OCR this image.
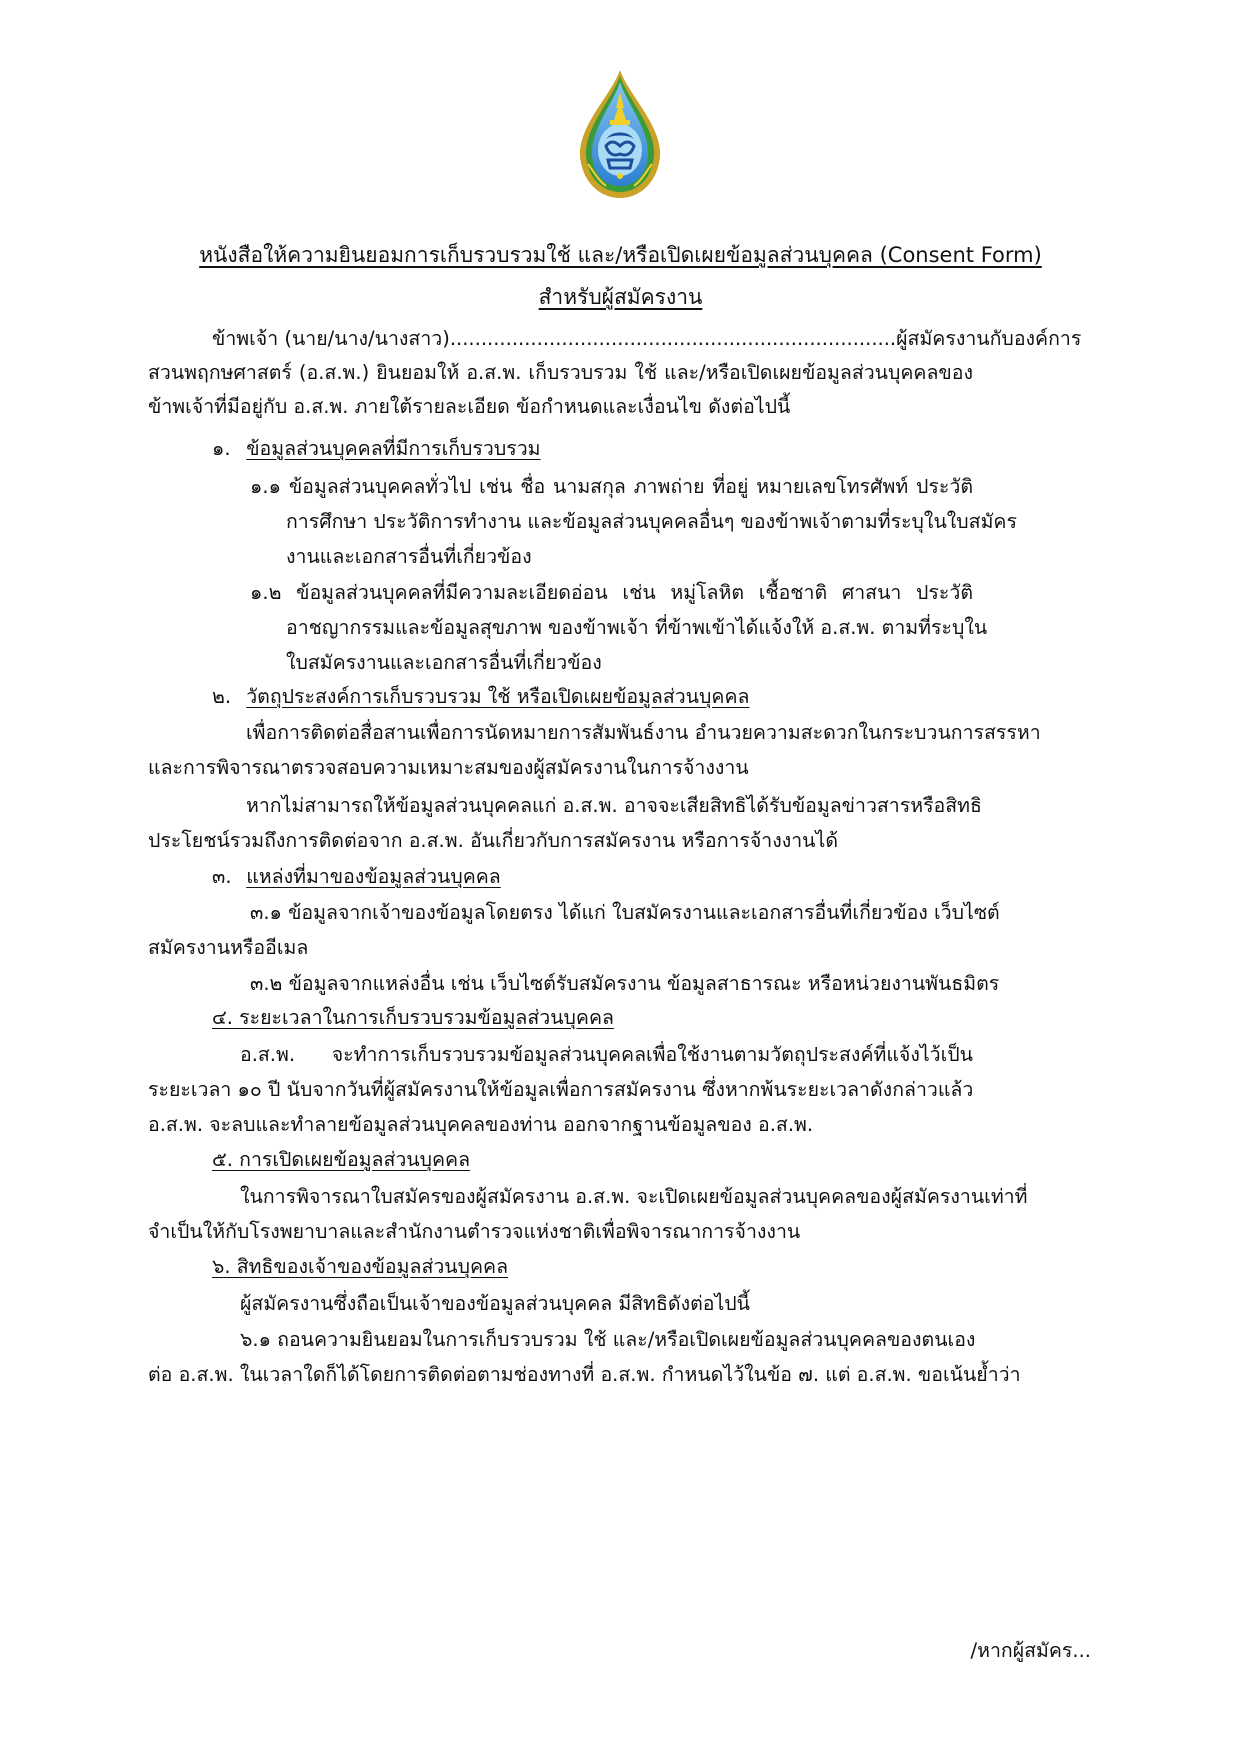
หนังสือให้ความยินยอมการเก็บรวบรวมใช้ และ/หรือเปิดเผยข้อมูลส่วนบุคคล (Consent Form)
สำหรับผู้สมัครงาน
ข้าพเจ้า (นาย/นาง/นางสาว)........................................................................ผู้สมัครงานกับองค์การ
สวนพฤกษศาสตร์ (อ.ส.พ.) ยินยอมให้ อ.ส.พ. เก็บรวบรวม ใช้ และ/หรือเปิดเผยข้อมูลส่วนบุคคลของ
ข้าพเจ้าที่มีอยู่กับ อ.ส.พ. ภายใต้รายละเอียด ข้อกำหนดและเงื่อนไข ดังต่อไปนี้
๑. ข้อมูลส่วนบุคคลที่มีการเก็บรวบรวม
๑.๑ ข้อมูลส่วนบุคคลทั่วไป เช่น ชื่อ นามสกุล ภาพถ่าย ที่อยู่ หมายเลขโทรศัพท์ ประวัติ
การศึกษา ประวัติการทำงาน และข้อมูลส่วนบุคคลอื่นๆ ของข้าพเจ้าตามที่ระบุในใบสมัคร
งานและเอกสารอื่นที่เกี่ยวข้อง
๑.๒ ข้อมูลส่วนบุคคลที่มีความละเอียดอ่อน เช่น หมู่โลหิต เชื้อชาติ ศาสนา ประวัติ
อาชญากรรมและข้อมูลสุขภาพ ของข้าพเจ้า ที่ข้าพเข้าได้แจ้งให้ อ.ส.พ. ตามที่ระบุใน
ใบสมัครงานและเอกสารอื่นที่เกี่ยวข้อง
๒. วัตถุประสงค์การเก็บรวบรวม ใช้ หรือเปิดเผยข้อมูลส่วนบุคคล
เพื่อการติดต่อสื่อสานเพื่อการนัดหมายการสัมพันธ์งาน อำนวยความสะดวกในกระบวนการสรรหา
และการพิจารณาตรวจสอบความเหมาะสมของผู้สมัครงานในการจ้างงาน
หากไม่สามารถให้ข้อมูลส่วนบุคคลแก่ อ.ส.พ. อาจจะเสียสิทธิได้รับข้อมูลข่าวสารหรือสิทธิ
ประโยชน์รวมถึงการติดต่อจาก อ.ส.พ. อันเกี่ยวกับการสมัครงาน หรือการจ้างงานได้
๓. แหล่งที่มาของข้อมูลส่วนบุคคล
๓.๑ ข้อมูลจากเจ้าของข้อมูลโดยตรง ได้แก่ ใบสมัครงานและเอกสารอื่นที่เกี่ยวข้อง เว็บไซต์
สมัครงานหรืออีเมล
๓.๒ ข้อมูลจากแหล่งอื่น เช่น เว็บไซต์รับสมัครงาน ข้อมูลสาธารณะ หรือหน่วยงานพันธมิตร
๔. ระยะเวลาในการเก็บรวบรวมข้อมูลส่วนบุคคล
อ.ส.พ. จะทำการเก็บรวบรวมข้อมูลส่วนบุคคลเพื่อใช้งานตามวัตถุประสงค์ที่แจ้งไว้เป็น
ระยะเวลา ๑๐ ปี นับจากวันที่ผู้สมัครงานให้ข้อมูลเพื่อการสมัครงาน ซึ่งหากพ้นระยะเวลาดังกล่าวแล้ว
อ.ส.พ. จะลบและทำลายข้อมูลส่วนบุคคลของท่าน ออกจากฐานข้อมูลของ อ.ส.พ.
๕. การเปิดเผยข้อมูลส่วนบุคคล
ในการพิจารณาใบสมัครของผู้สมัครงาน อ.ส.พ. จะเปิดเผยข้อมูลส่วนบุคคลของผู้สมัครงานเท่าที่
จำเป็นให้กับโรงพยาบาลและสำนักงานตำรวจแห่งชาติเพื่อพิจารณาการจ้างงาน
๖. สิทธิของเจ้าของข้อมูลส่วนบุคคล
ผู้สมัครงานซึ่งถือเป็นเจ้าของข้อมูลส่วนบุคคล มีสิทธิดังต่อไปนี้
๖.๑ ถอนความยินยอมในการเก็บรวบรวม ใช้ และ/หรือเปิดเผยข้อมูลส่วนบุคคลของตนเอง
ต่อ อ.ส.พ. ในเวลาใดก็ได้โดยการติดต่อตามช่องทางที่ อ.ส.พ. กำหนดไว้ในข้อ ๗. แต่ อ.ส.พ. ขอเน้นย้ำว่า
/หากผู้สมัคร...
